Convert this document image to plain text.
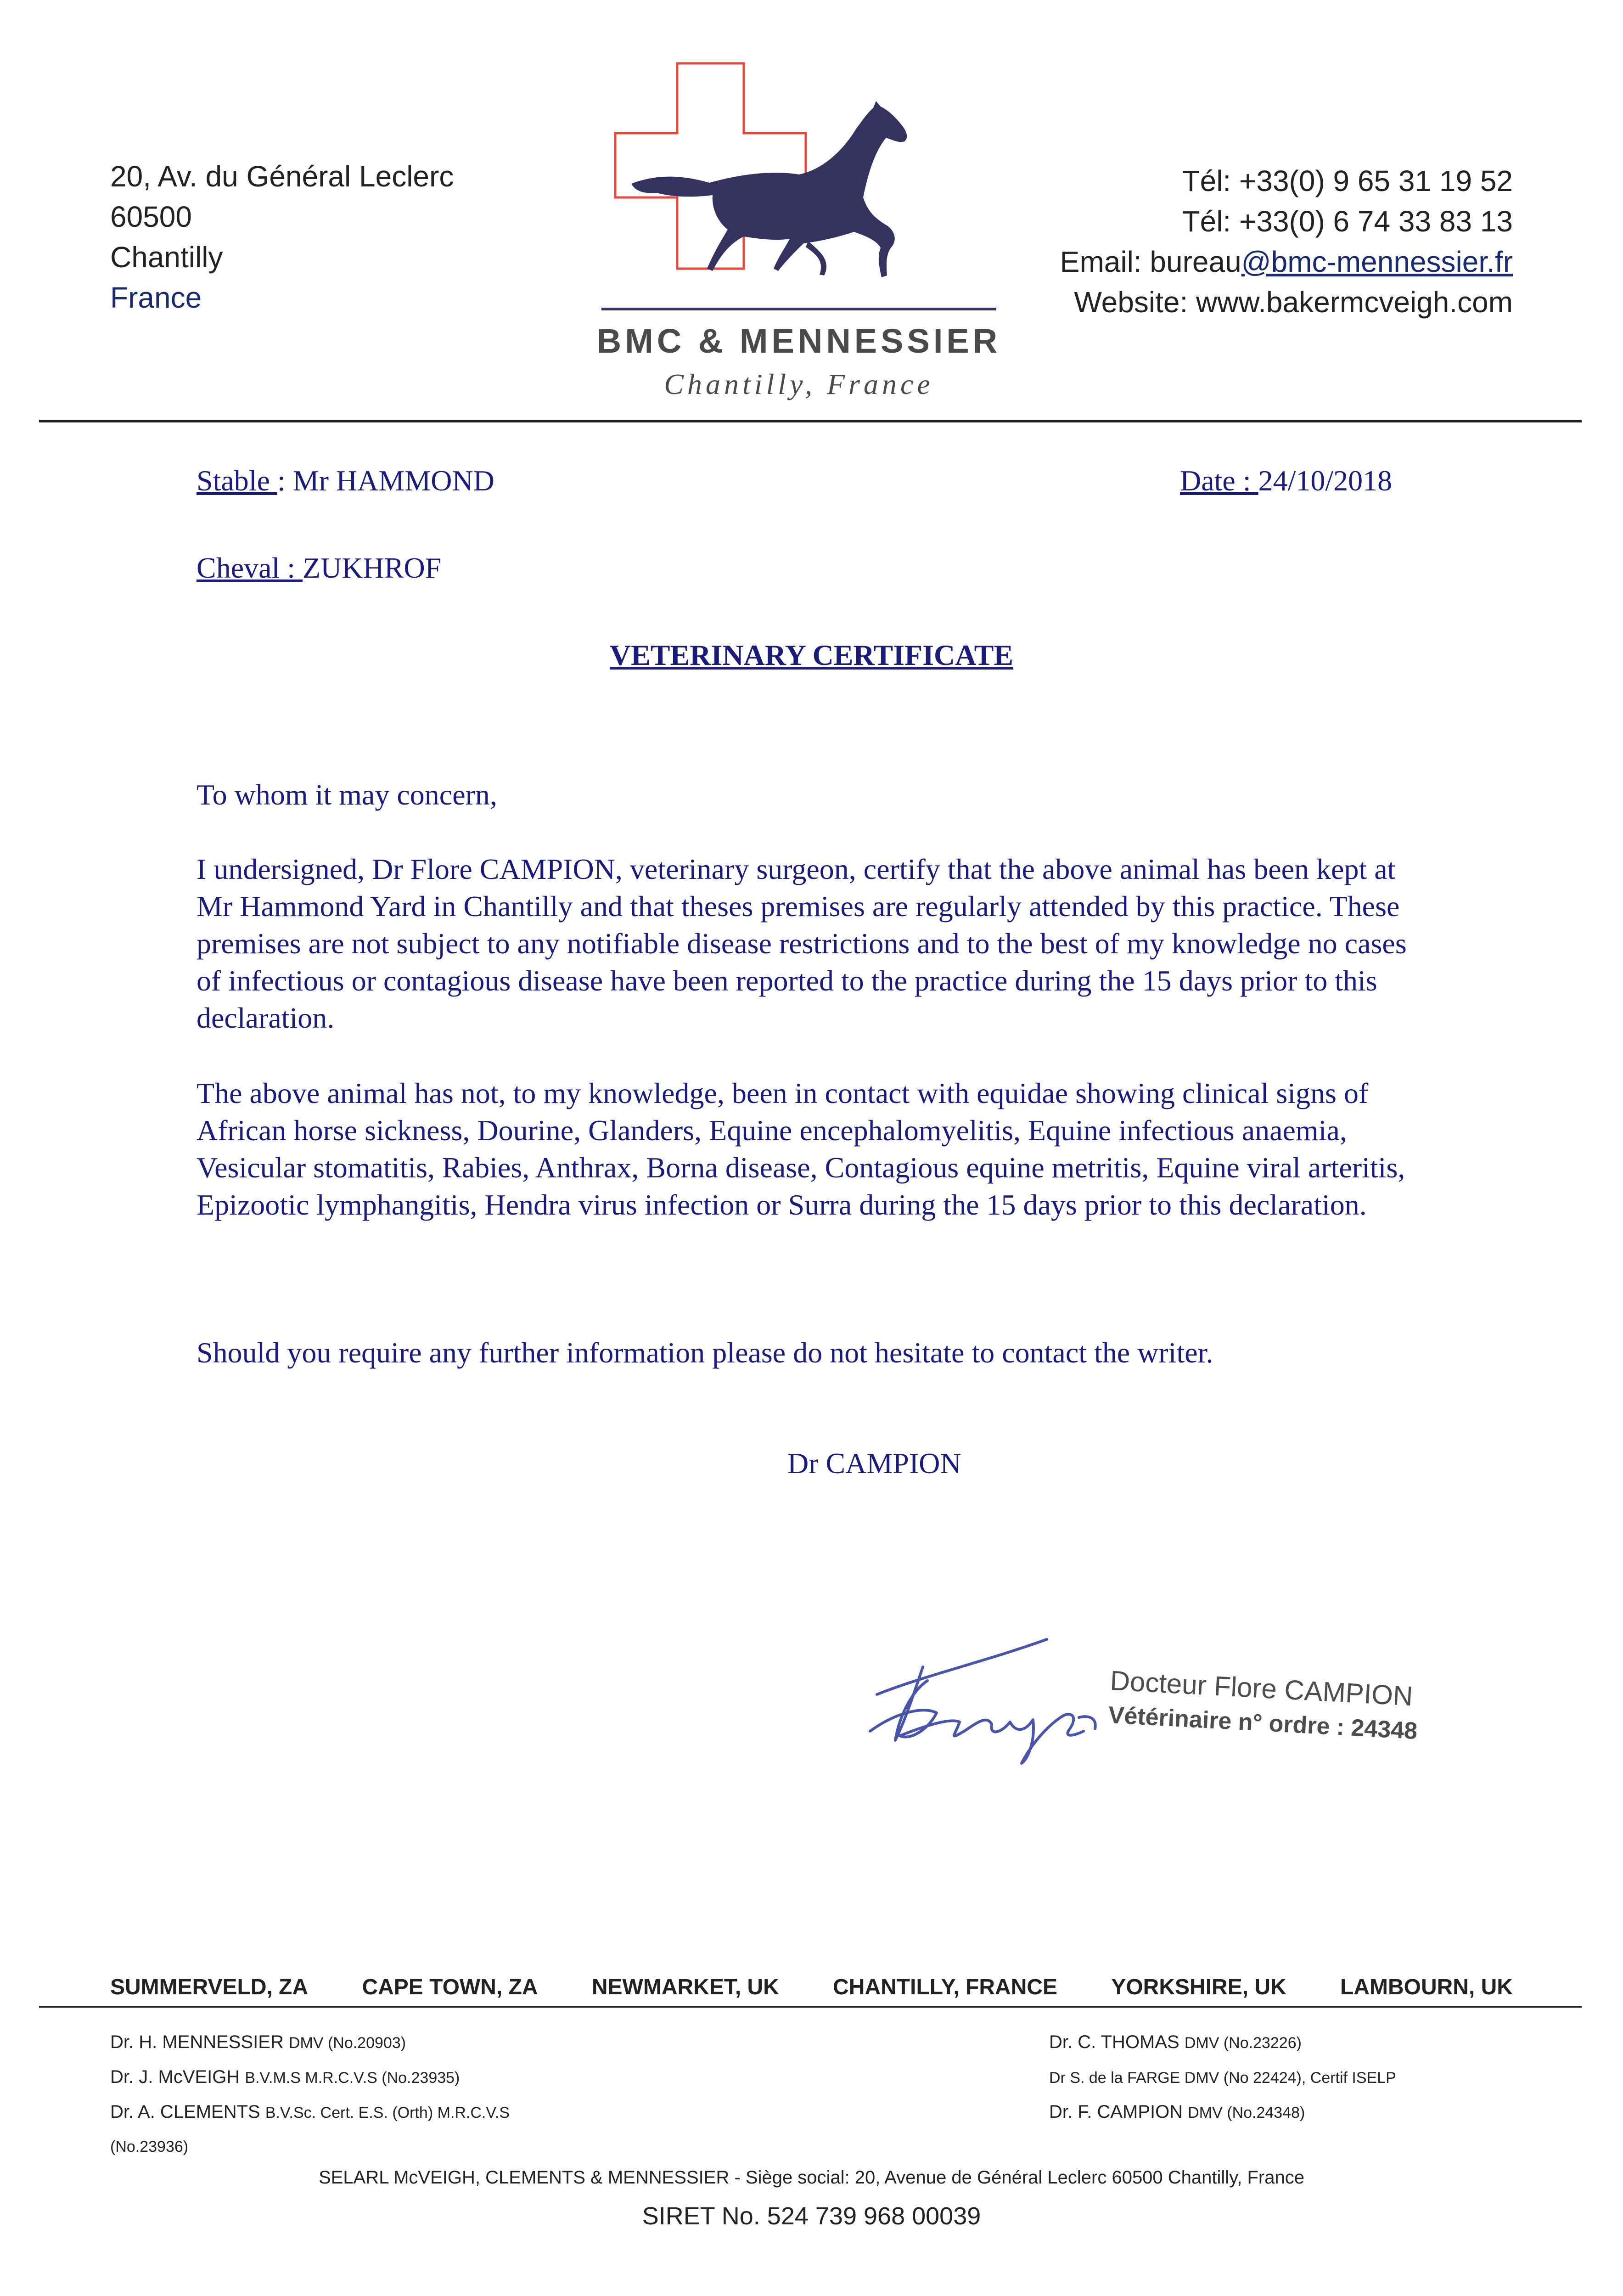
20, Av. du Général Leclerc
60500
Chantilly
France
BMC & MENNESSIER
Chantilly, France
Tél: +33(0) 9 65 31 19 52
Tél: +33(0) 6 74 33 83 13
Email: bureau@bmc-mennessier.fr
Website: www.bakermcveigh.com
Stable : Mr HAMMOND	Date : 24/10/2018
Cheval : ZUKHROF
VETERINARY CERTIFICATE

To whom it may concern,

I undersigned, Dr Flore CAMPION, veterinary surgeon, certify that the above animal has been kept at Mr Hammond Yard in Chantilly and that theses premises are regularly attended by this practice. These premises are not subject to any notifiable disease restrictions and to the best of my knowledge no cases of infectious or contagious disease have been reported to the practice during the 15 days prior to this declaration.

The above animal has not, to my knowledge, been in contact with equidae showing clinical signs of African horse sickness, Dourine, Glanders, Equine encephalomyelitis, Equine infectious anaemia, Vesicular stomatitis, Rabies, Anthrax, Borna disease, Contagious equine metritis, Equine viral arteritis, Epizootic lymphangitis, Hendra virus infection or Surra during the 15 days prior to this declaration.

Should you require any further information please do not hesitate to contact the writer.

Dr CAMPION
Docteur Flore CAMPION
Vétérinaire n° ordre : 24348
SUMMERVELD, ZA CAPE TOWN, ZA NEWMARKET, UK CHANTILLY, FRANCE YORKSHIRE, UK LAMBOURN, UK
Dr. H. MENNESSIER DMV (No.20903)
Dr. J. McVEIGH B.V.M.S M.R.C.V.S (No.23935)
Dr. A. CLEMENTS B.V.Sc. Cert. E.S. (Orth) M.R.C.V.S
(No.23936)
Dr. C. THOMAS DMV (No.23226)
Dr S. de la FARGE DMV (No 22424), Certif ISELP
Dr. F. CAMPION DMV (No.24348)
SELARL McVEIGH, CLEMENTS & MENNESSIER - Siège social: 20, Avenue de Général Leclerc 60500 Chantilly, France
SIRET No. 524 739 968 00039
